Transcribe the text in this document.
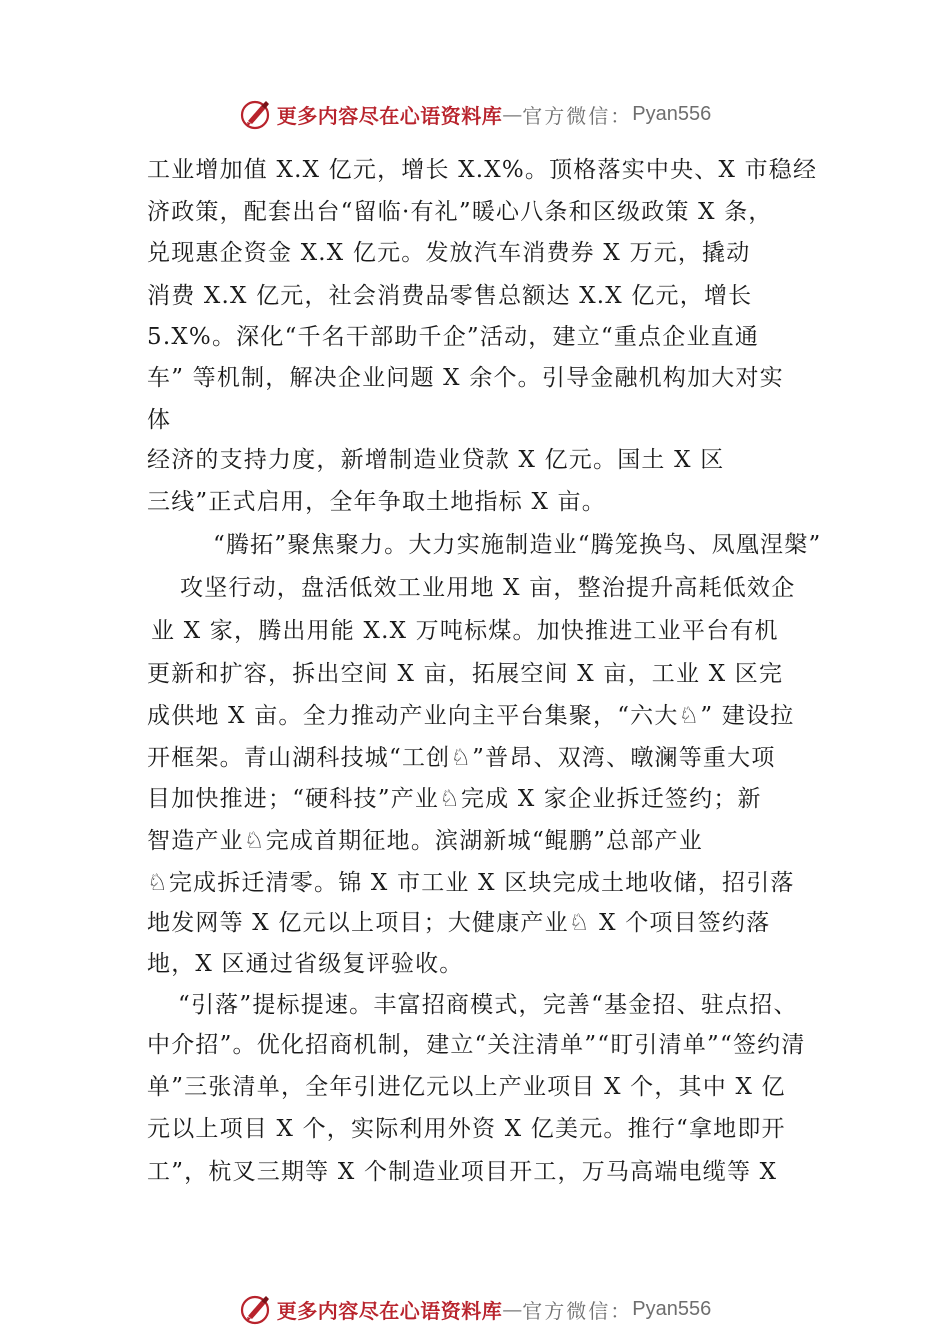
更多内容尽在心语资料库 — 官方微信： Pyan556
工业增加值 X.X 亿元，增长 X.X%。顶格落实中央、X 市稳经
济政策，配套出台“留临·有礼”暖心八条和区级政策 X 条，
兑现惠企资金 X.X 亿元。发放汽车消费券 X 万元，撬动
消费 X.X 亿元，社会消费品零售总额达 X.X 亿元，增长
5.X%。深化“千名干部助千企”活动，建立“重点企业直通
车” 等机制，解决企业问题 X 余个。引导金融机构加大对实
体
经济的支持力度，新增制造业贷款 X 亿元。国土 X 区
三线”正式启用，全年争取土地指标 X 亩。
“腾拓”聚焦聚力。大力实施制造业“腾笼换鸟、凤凰涅槃”
攻坚行动，盘活低效工业用地 X 亩，整治提升高耗低效企
业 X 家，腾出用能 X.X 万吨标煤。加快推进工业平台有机
更新和扩容，拆出空间 X 亩，拓展空间 X 亩，工业 X 区完
成供地 X 亩。全力推动产业向主平台集聚，“六大♘” 建设拉
开框架。青山湖科技城“工创♘”普昂、双湾、暾澜等重大项
目加快推进；“硬科技”产业♘完成 X 家企业拆迁签约；新
智造产业♘完成首期征地。滨湖新城“鲲鹏”总部产业
♘完成拆迁清零。锦 X 市工业 X 区块完成土地收储，招引落
地发网等 X 亿元以上项目；大健康产业♘ X 个项目签约落
地，X 区通过省级复评验收。
“引落”提标提速。丰富招商模式，完善“基金招、驻点招、
中介招”。优化招商机制，建立“关注清单”“盯引清单”“签约清
单”三张清单，全年引进亿元以上产业项目 X 个，其中 X 亿
元以上项目 X 个，实际利用外资 X 亿美元。推行“拿地即开
工”，杭叉三期等 X 个制造业项目开工，万马高端电缆等 X
更多内容尽在心语资料库 — 官方微信： Pyan556
